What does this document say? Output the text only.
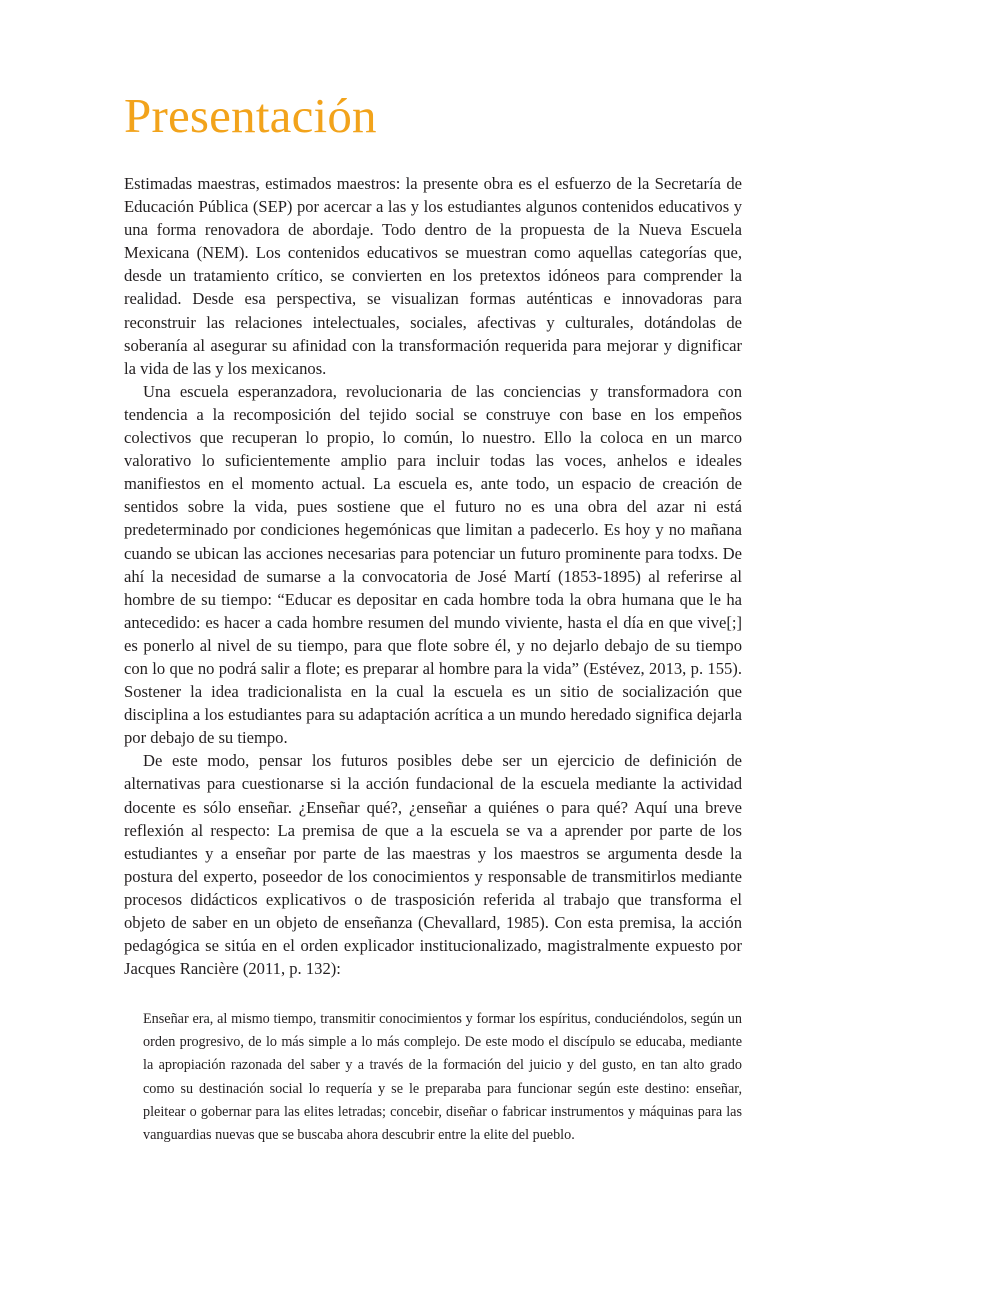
Presentación

Estimadas maestras, estimados maestros: la presente obra es el esfuerzo de la Secretaría de Educación Pública (SEP) por acercar a las y los estudiantes algunos contenidos educativos y una forma renovadora de abordaje. Todo dentro de la propuesta de la Nueva Escuela Mexicana (NEM). Los contenidos educativos se muestran como aquellas categorías que, desde un tratamiento crítico, se convierten en los pretextos idóneos para comprender la realidad. Desde esa perspectiva, se visualizan formas auténticas e innovadoras para reconstruir las relaciones intelectuales, sociales, afectivas y culturales, dotándolas de soberanía al asegurar su afinidad con la transformación requerida para mejorar y dignificar la vida de las y los mexicanos.

Una escuela esperanzadora, revolucionaria de las conciencias y transformadora con tendencia a la recomposición del tejido social se construye con base en los empeños colectivos que recuperan lo propio, lo común, lo nuestro. Ello la coloca en un marco valorativo lo suficientemente amplio para incluir todas las voces, anhelos e ideales manifiestos en el momento actual. La escuela es, ante todo, un espacio de creación de sentidos sobre la vida, pues sostiene que el futuro no es una obra del azar ni está predeterminado por condiciones hegemónicas que limitan a padecerlo. Es hoy y no mañana cuando se ubican las acciones necesarias para potenciar un futuro prominente para todxs. De ahí la necesidad de sumarse a la convocatoria de José Martí (1853-1895) al referirse al hombre de su tiempo: “Educar es depositar en cada hombre toda la obra humana que le ha antecedido: es hacer a cada hombre resumen del mundo viviente, hasta el día en que vive[;] es ponerlo al nivel de su tiempo, para que flote sobre él, y no dejarlo debajo de su tiempo con lo que no podrá salir a flote; es preparar al hombre para la vida” (Estévez, 2013, p. 155). Sostener la idea tradicionalista en la cual la escuela es un sitio de socialización que disciplina a los estudiantes para su adaptación acrítica a un mundo heredado significa dejarla por debajo de su tiempo.

De este modo, pensar los futuros posibles debe ser un ejercicio de definición de alternativas para cuestionarse si la acción fundacional de la escuela mediante la actividad docente es sólo enseñar. ¿Enseñar qué?, ¿enseñar a quiénes o para qué? Aquí una breve reflexión al respecto: La premisa de que a la escuela se va a aprender por parte de los estudiantes y a enseñar por parte de las maestras y los maestros se argumenta desde la postura del experto, poseedor de los conocimientos y responsable de transmitirlos mediante procesos didácticos explicativos o de trasposición referida al trabajo que transforma el objeto de saber en un objeto de enseñanza (Chevallard, 1985). Con esta premisa, la acción pedagógica se sitúa en el orden explicador institucionalizado, magistralmente expuesto por Jacques Rancière (2011, p. 132):

Enseñar era, al mismo tiempo, transmitir conocimientos y formar los espíritus, conduciéndolos, según un orden progresivo, de lo más simple a lo más complejo. De este modo el discípulo se educaba, mediante la apropiación razonada del saber y a través de la formación del juicio y del gusto, en tan alto grado como su destinación social lo requería y se le preparaba para funcionar según este destino: enseñar, pleitear o gobernar para las elites letradas; concebir, diseñar o fabricar instrumentos y máquinas para las vanguardias nuevas que se buscaba ahora descubrir entre la elite del pueblo.
